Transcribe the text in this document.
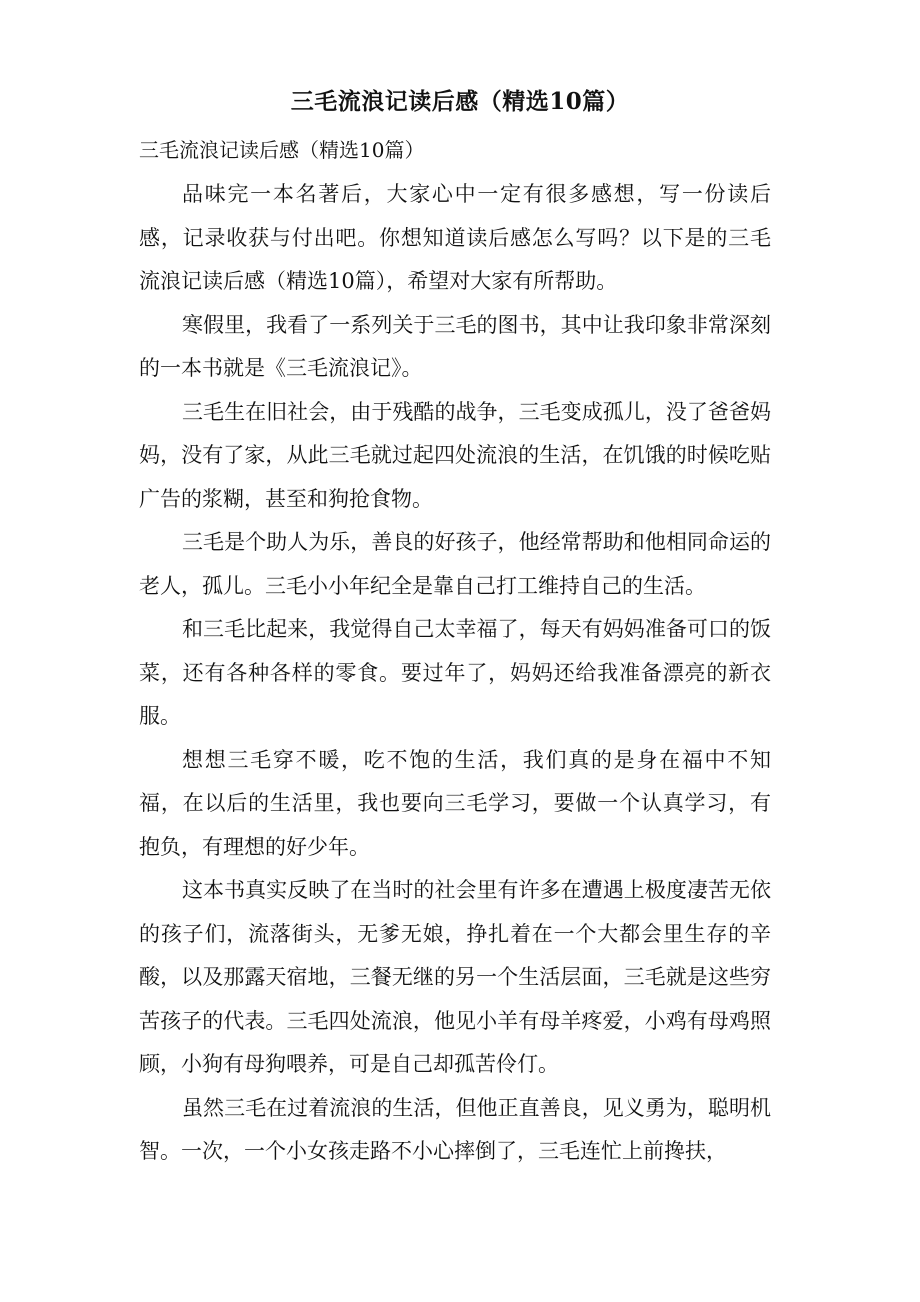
三毛流浪记读后感（精选10篇）
三毛流浪记读后感（精选10篇）

品味完一本名著后，大家心中一定有很多感想，写一份读后 感，记录收获与付出吧。你想知道读后感怎么写吗？以下是的三毛 流浪记读后感（精选10篇），希望对大家有所帮助。

寒假里，我看了一系列关于三毛的图书，其中让我印象非常深刻的一本书就是《三毛流浪记》。

三毛生在旧社会，由于残酷的战争，三毛变成孤儿，没了爸爸妈妈，没有了家，从此三毛就过起四处流浪的生活，在饥饿的时候吃贴广告的浆糊，甚至和狗抢食物。

三毛是个助人为乐，善良的好孩子，他经常帮助和他相同命运的老人，孤儿。三毛小小年纪全是靠自己打工维持自己的生活。

和三毛比起来，我觉得自己太幸福了，每天有妈妈准备可口的饭菜，还有各种各样的零食。要过年了，妈妈还给我准备漂亮的新衣服。

想想三毛穿不暖，吃不饱的生活，我们真的是身在福中不知 福，在以后的生活里，我也要向三毛学习，要做一个认真学习，有 抱负，有理想的好少年。

这本书真实反映了在当时的社会里有许多在遭遇上极度凄苦无依的孩子们，流落街头，无爹无娘，挣扎着在一个大都会里生存的辛酸，以及那露天宿地，三餐无继的另一个生活层面，三毛就是这些穷苦孩子的代表。三毛四处流浪，他见小羊有母羊疼爱，小鸡有母鸡照顾，小狗有母狗喂养，可是自己却孤苦伶仃。

虽然三毛在过着流浪的生活，但他正直善良，见义勇为，聪明机智。一次，一个小女孩走路不小心摔倒了，三毛连忙上前搀扶，
